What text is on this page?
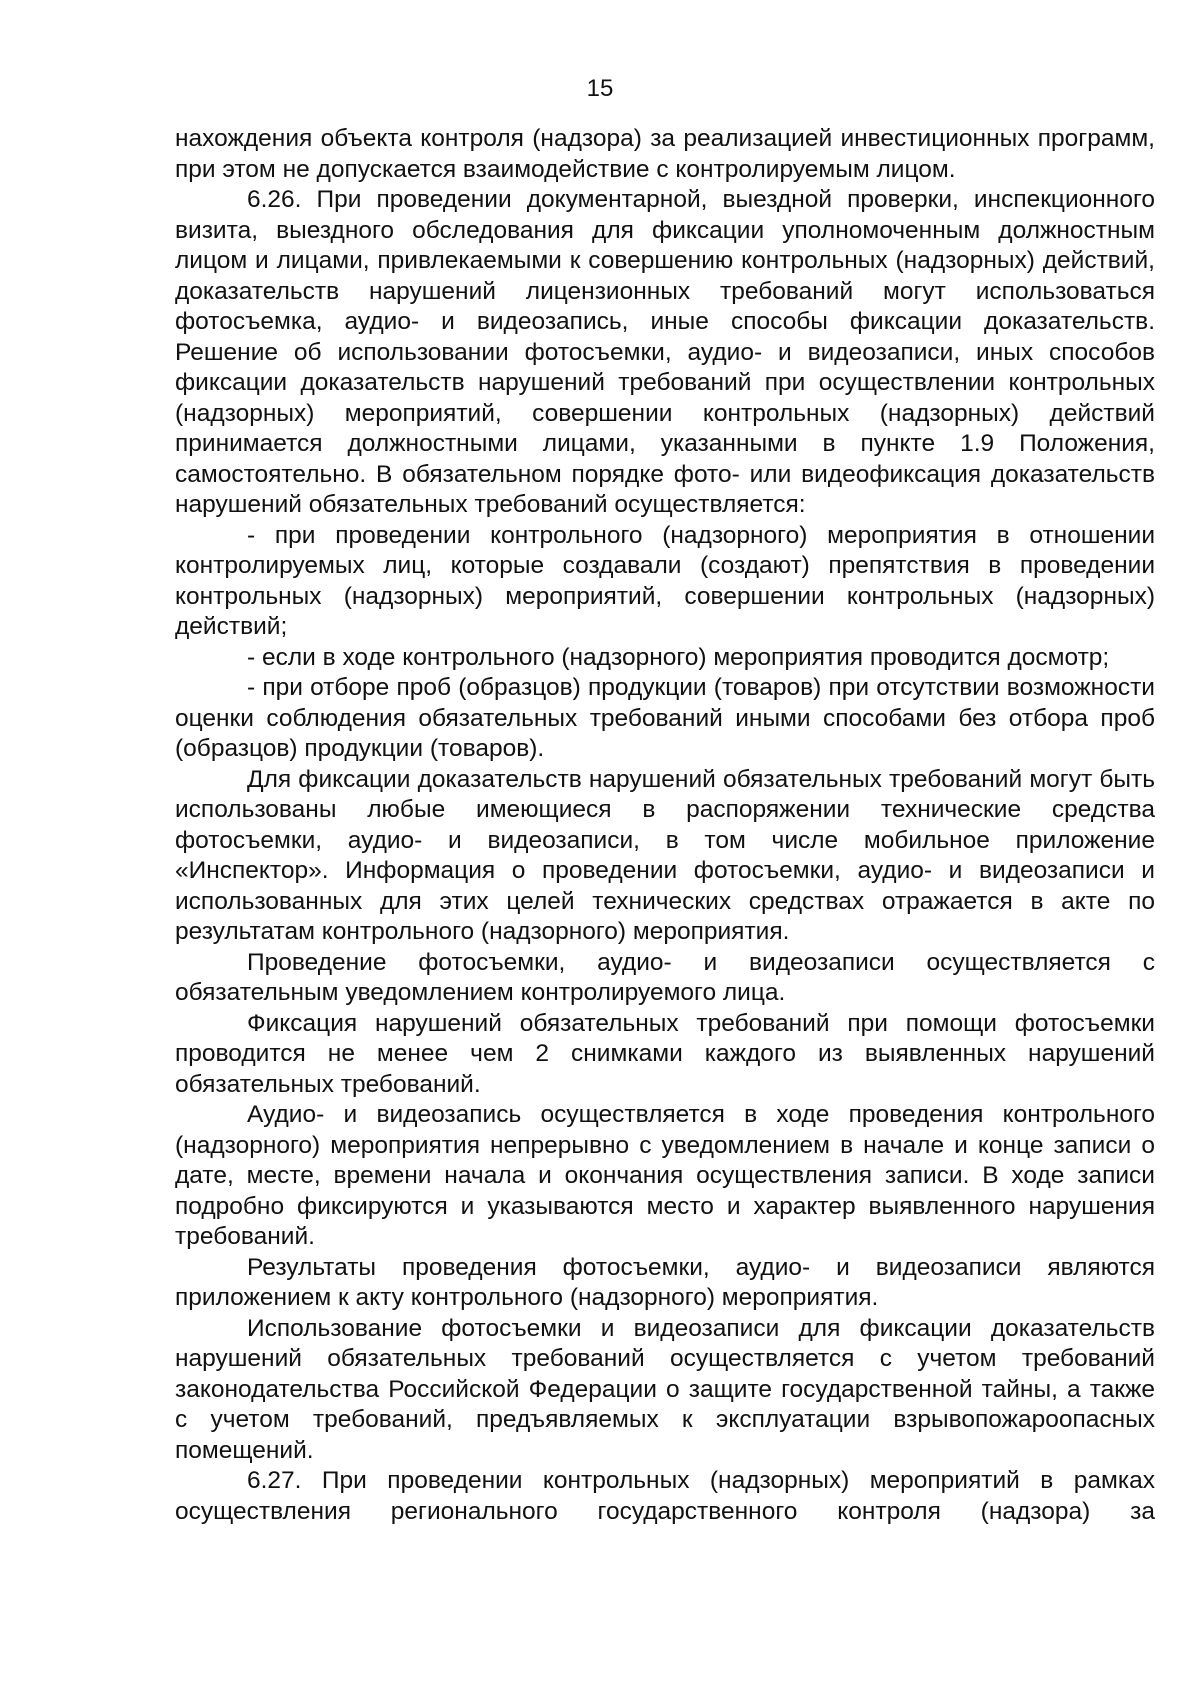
15

нахождения объекта контроля (надзора) за реализацией инвестиционных программ, при этом не допускается взаимодействие с контролируемым лицом.

6.26. При проведении документарной, выездной проверки, инспекционного визита, выездного обследования для фиксации уполномоченным должностным лицом и лицами, привлекаемыми к совершению контрольных (надзорных) действий, доказательств нарушений лицензионных требований могут использоваться фотосъемка, аудио- и видеозапись, иные способы фиксации доказательств. Решение об использовании фотосъемки, аудио- и видеозаписи, иных способов фиксации доказательств нарушений требований при осуществлении контрольных (надзорных) мероприятий, совершении контрольных (надзорных) действий принимается должностными лицами, указанными в пункте 1.9 Положения, самостоятельно. В обязательном порядке фото- или видеофиксация доказательств нарушений обязательных требований осуществляется:

- при проведении контрольного (надзорного) мероприятия в отношении контролируемых лиц, которые создавали (создают) препятствия в проведении контрольных (надзорных) мероприятий, совершении контрольных (надзорных) действий;

- если в ходе контрольного (надзорного) мероприятия проводится досмотр;

- при отборе проб (образцов) продукции (товаров) при отсутствии возможности оценки соблюдения обязательных требований иными способами без отбора проб (образцов) продукции (товаров).

Для фиксации доказательств нарушений обязательных требований могут быть использованы любые имеющиеся в распоряжении технические средства фотосъемки, аудио- и видеозаписи, в том числе мобильное приложение «Инспектор». Информация о проведении фотосъемки, аудио- и видеозаписи и использованных для этих целей технических средствах отражается в акте по результатам контрольного (надзорного) мероприятия.

Проведение фотосъемки, аудио- и видеозаписи осуществляется с обязательным уведомлением контролируемого лица.

Фиксация нарушений обязательных требований при помощи фотосъемки проводится не менее чем 2 снимками каждого из выявленных нарушений обязательных требований.

Аудио- и видеозапись осуществляется в ходе проведения контрольного (надзорного) мероприятия непрерывно с уведомлением в начале и конце записи о дате, месте, времени начала и окончания осуществления записи. В ходе записи подробно фиксируются и указываются место и характер выявленного нарушения требований.

Результаты проведения фотосъемки, аудио- и видеозаписи являются приложением к акту контрольного (надзорного) мероприятия.

Использование фотосъемки и видеозаписи для фиксации доказательств нарушений обязательных требований осуществляется с учетом требований законодательства Российской Федерации о защите государственной тайны, а также с учетом требований, предъявляемых к эксплуатации взрывопожароопасных помещений.

6.27. При проведении контрольных (надзорных) мероприятий в рамках осуществления регионального государственного контроля (надзора) за
